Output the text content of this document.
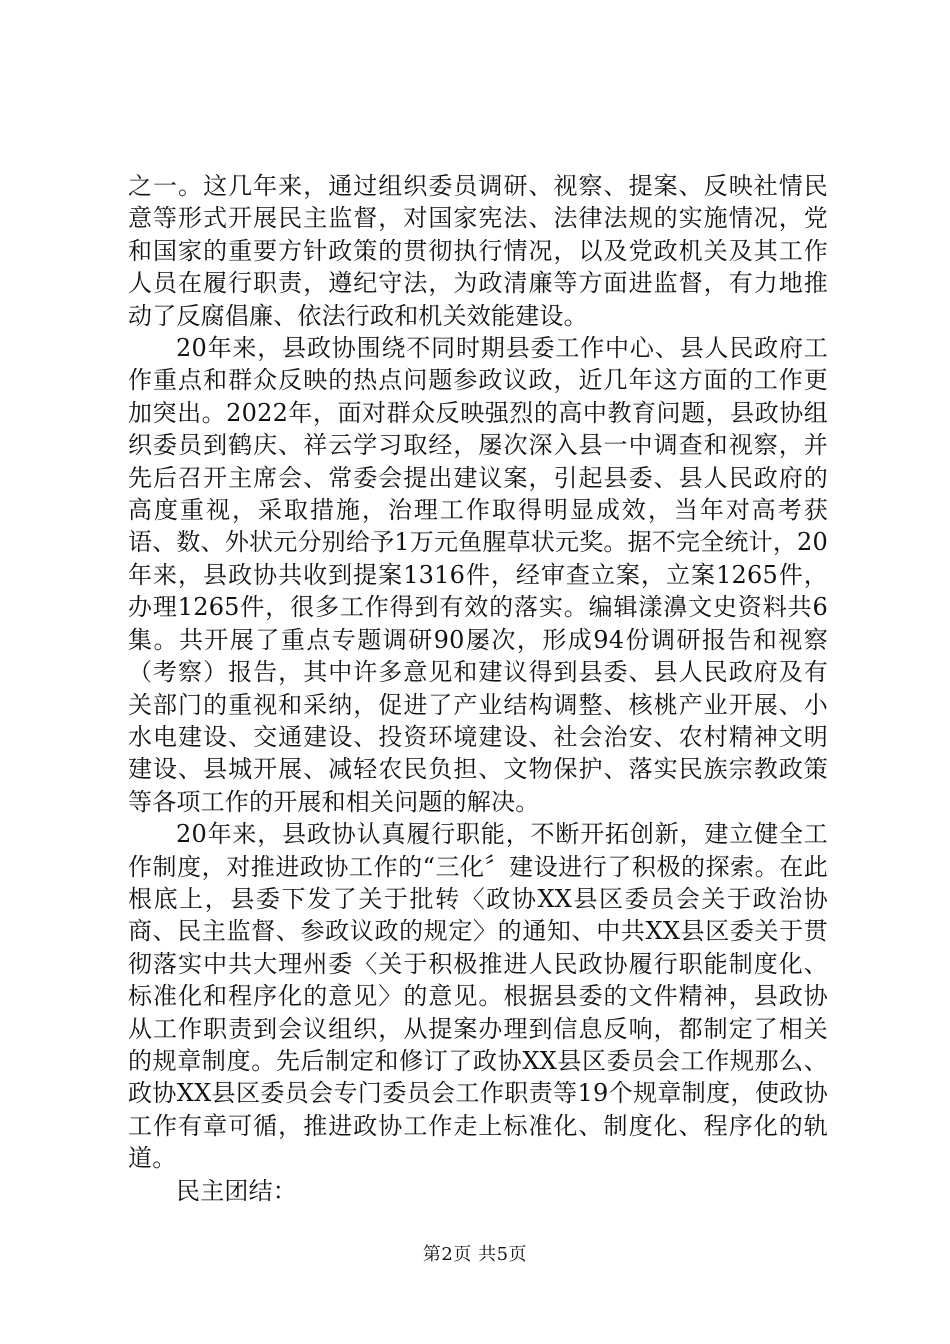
之一。这几年来，通过组织委员调研、视察、提案、反映社情民意等形式开展民主监督，对国家宪法、法律法规的实施情况，党和国家的重要方针政策的贯彻执行情况，以及党政机关及其工作人员在履行职责，遵纪守法，为政清廉等方面进监督，有力地推动了反腐倡廉、依法行政和机关效能建设。

20年来，县政协围绕不同时期县委工作中心、县人民政府工作重点和群众反映的热点问题参政议政，近几年这方面的工作更加突出。2022年，面对群众反映强烈的高中教育问题，县政协组织委员到鹤庆、祥云学习取经，屡次深入县一中调查和视察，并先后召开主席会、常委会提出建议案，引起县委、县人民政府的高度重视，采取措施，治理工作取得明显成效，当年对高考获语、数、外状元分别给予1万元鱼腥草状元奖。据不完全统计，20年来，县政协共收到提案1316件，经审查立案，立案1265件，办理1265件，很多工作得到有效的落实。编辑漾濞文史资料共6集。共开展了重点专题调研90屡次，形成94份调研报告和视察（考察）报告，其中许多意见和建议得到县委、县人民政府及有关部门的重视和采纳，促进了产业结构调整、核桃产业开展、小水电建设、交通建设、投资环境建设、社会治安、农村精神文明建设、县城开展、减轻农民负担、文物保护、落实民族宗教政策等各项工作的开展和相关问题的解决。

20年来，县政协认真履行职能，不断开拓创新，建立健全工作制度，对推进政协工作的“三化〞建设进行了积极的探索。在此根底上，县委下发了关于批转〈政协XX县区委员会关于政治协商、民主监督、参政议政的规定〉的通知、中共XX县区委关于贯彻落实中共大理州委〈关于积极推进人民政协履行职能制度化、标准化和程序化的意见〉的意见。根据县委的文件精神，县政协从工作职责到会议组织，从提案办理到信息反响，都制定了相关的规章制度。先后制定和修订了政协XX县区委员会工作规那么、政协XX县区委员会专门委员会工作职责等19个规章制度，使政协工作有章可循，推进政协工作走上标准化、制度化、程序化的轨道。

民主团结：

第2页 共5页
